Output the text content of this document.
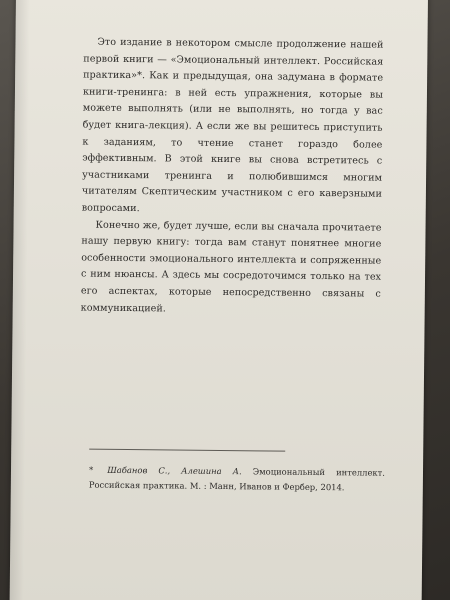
Это издание в некотором смысле продолжение нашей первой книги — «Эмоциональный интеллект. Российская практика»*. Как и предыдущая, она задумана в формате книги-тренинга: в ней есть упражнения, которые вы можете выполнять (или не выполнять, но тогда у вас будет книга-лекция). А если же вы решитесь приступить к заданиям, то чтение станет гораздо более эффективным. В этой книге вы снова встретитесь с участниками тренинга и полюбившимся многим читателям Скептическим участником с его каверзными вопросами.

Конечно же, будет лучше, если вы сначала прочитаете нашу первую книгу: тогда вам станут понятнее многие особенности эмоционального интеллекта и сопряженные с ним нюансы. А здесь мы сосредоточимся только на тех его аспектах, которые непосредственно связаны с коммуникацией.

* Шабанов С., Алешина А. Эмоциональный интеллект. Российская практика. М. : Манн, Иванов и Фербер, 2014.
